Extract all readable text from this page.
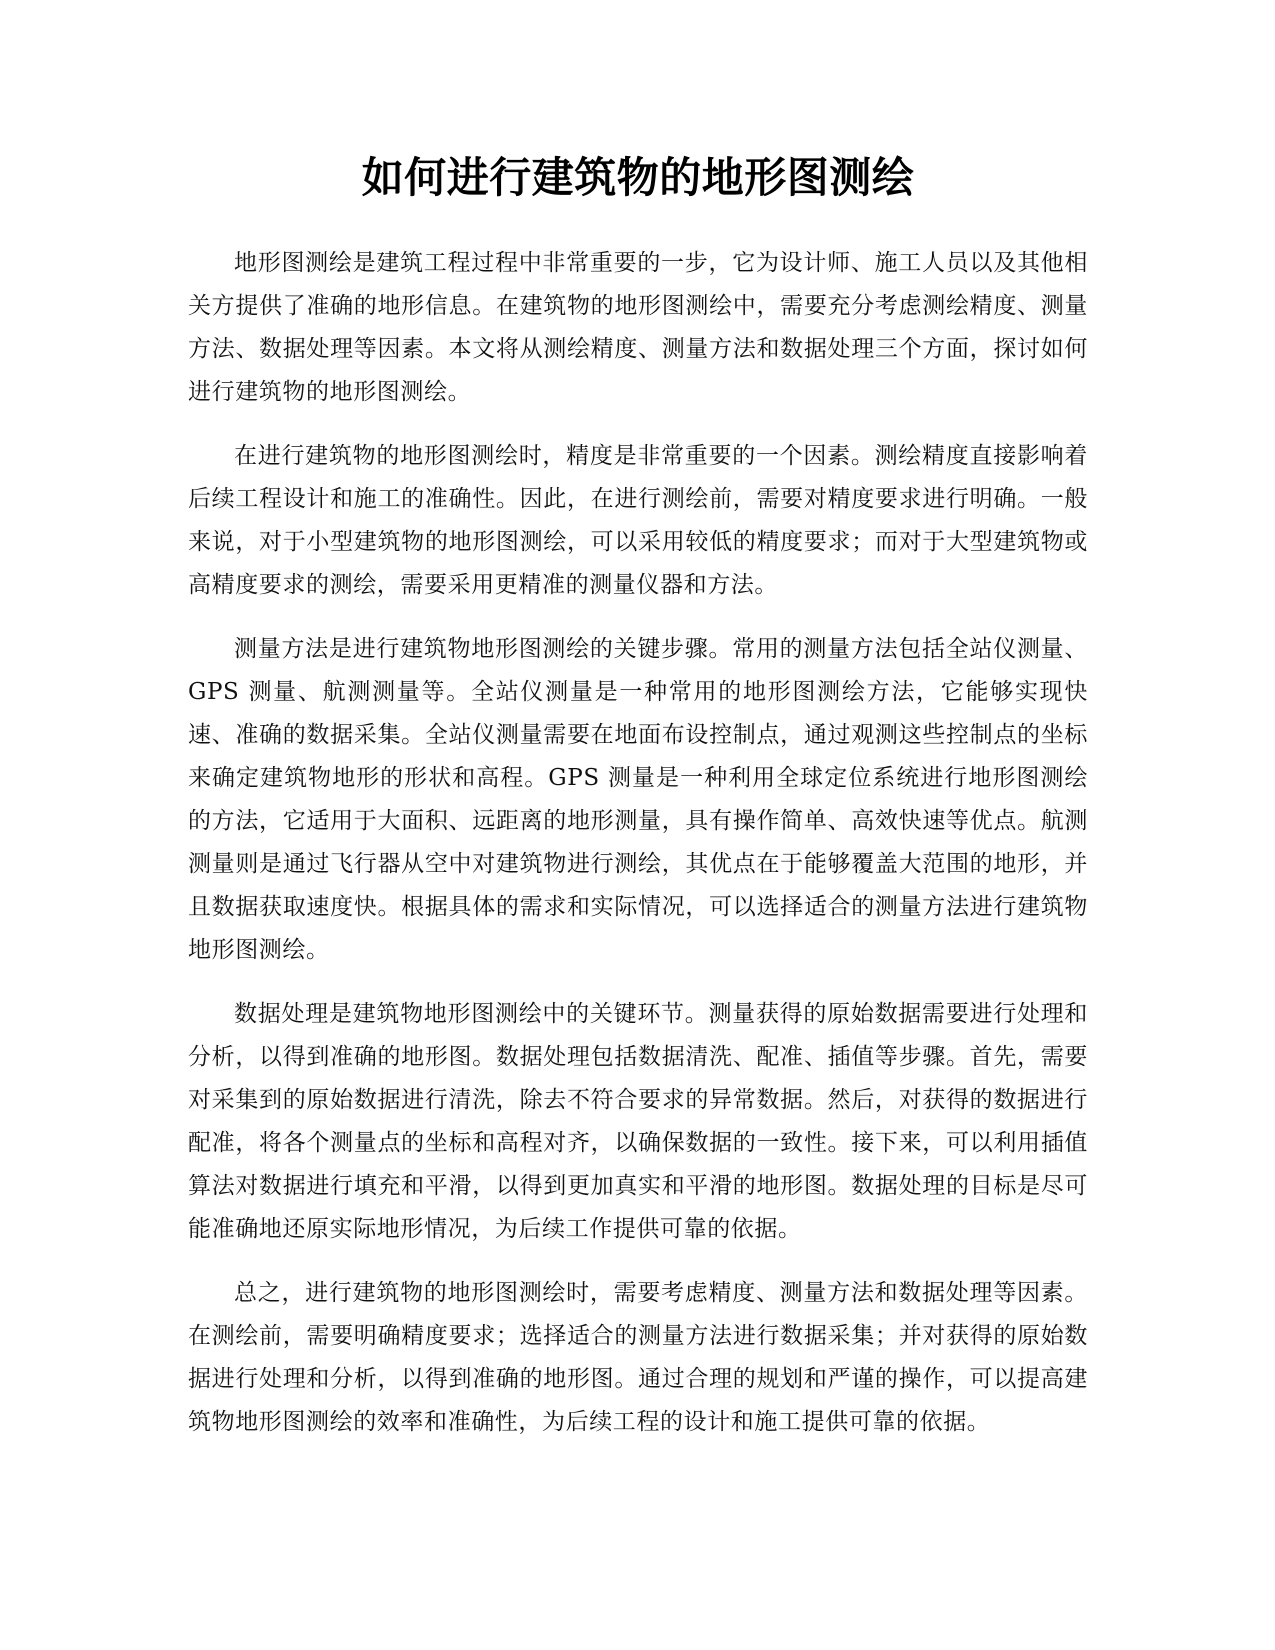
如何进行建筑物的地形图测绘

地形图测绘是建筑工程过程中非常重要的一步，它为设计师、施工人员以及其他相关方提供了准确的地形信息。在建筑物的地形图测绘中，需要充分考虑测绘精度、测量方法、数据处理等因素。本文将从测绘精度、测量方法和数据处理三个方面，探讨如何进行建筑物的地形图测绘。

在进行建筑物的地形图测绘时，精度是非常重要的一个因素。测绘精度直接影响着后续工程设计和施工的准确性。因此，在进行测绘前，需要对精度要求进行明确。一般来说，对于小型建筑物的地形图测绘，可以采用较低的精度要求；而对于大型建筑物或高精度要求的测绘，需要采用更精准的测量仪器和方法。

测量方法是进行建筑物地形图测绘的关键步骤。常用的测量方法包括全站仪测量、GPS 测量、航测测量等。全站仪测量是一种常用的地形图测绘方法，它能够实现快速、准确的数据采集。全站仪测量需要在地面布设控制点，通过观测这些控制点的坐标来确定建筑物地形的形状和高程。GPS 测量是一种利用全球定位系统进行地形图测绘的方法，它适用于大面积、远距离的地形测量，具有操作简单、高效快速等优点。航测测量则是通过飞行器从空中对建筑物进行测绘，其优点在于能够覆盖大范围的地形，并且数据获取速度快。根据具体的需求和实际情况，可以选择适合的测量方法进行建筑物地形图测绘。

数据处理是建筑物地形图测绘中的关键环节。测量获得的原始数据需要进行处理和分析，以得到准确的地形图。数据处理包括数据清洗、配准、插值等步骤。首先，需要对采集到的原始数据进行清洗，除去不符合要求的异常数据。然后，对获得的数据进行配准，将各个测量点的坐标和高程对齐，以确保数据的一致性。接下来，可以利用插值算法对数据进行填充和平滑，以得到更加真实和平滑的地形图。数据处理的目标是尽可能准确地还原实际地形情况，为后续工作提供可靠的依据。

总之，进行建筑物的地形图测绘时，需要考虑精度、测量方法和数据处理等因素。在测绘前，需要明确精度要求；选择适合的测量方法进行数据采集；并对获得的原始数据进行处理和分析，以得到准确的地形图。通过合理的规划和严谨的操作，可以提高建筑物地形图测绘的效率和准确性，为后续工程的设计和施工提供可靠的依据。
